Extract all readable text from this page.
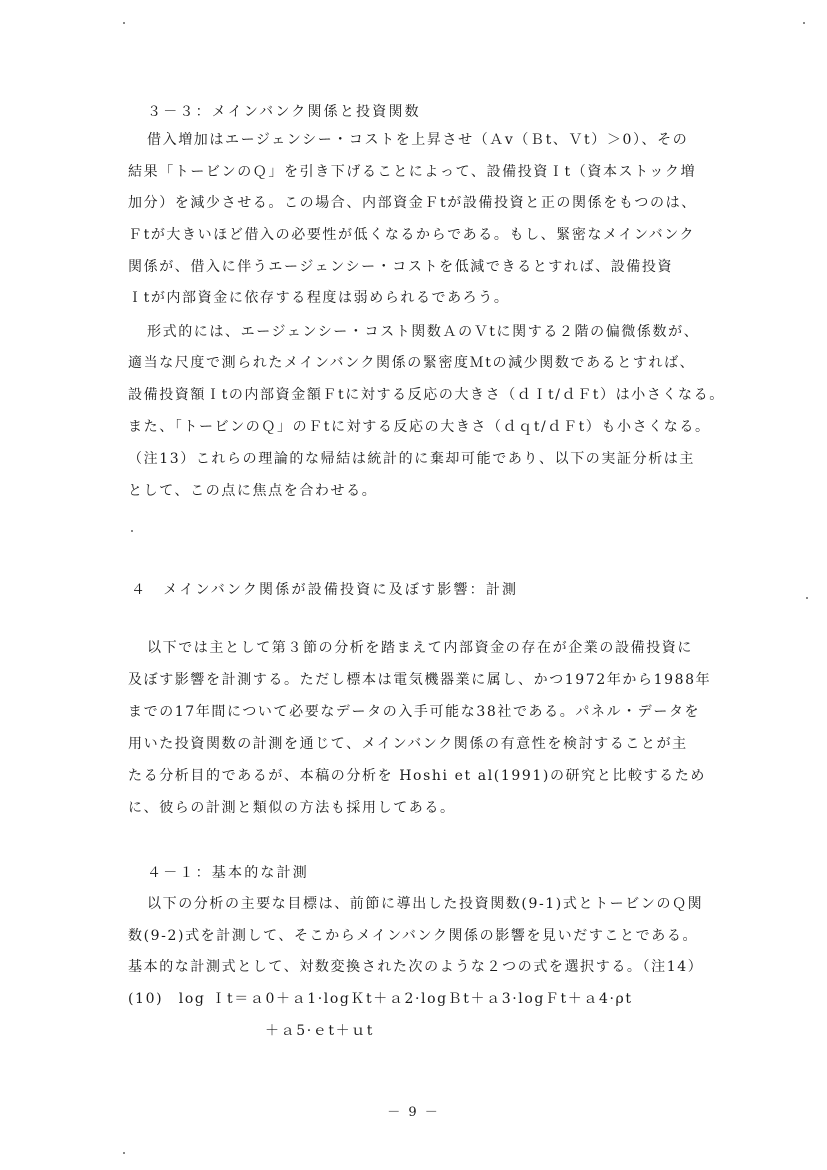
３－３：メインバンク関係と投資関数
借入増加はエージェンシー・コストを上昇させ（Ａv（Ｂt、Ｖt）＞0）、その
結果「トービンのＱ」を引き下げることによって、設備投資Ｉt（資本ストック増
加分）を減少させる。この場合、内部資金Ｆtが設備投資と正の関係をもつのは、
Ｆtが大きいほど借入の必要性が低くなるからである。もし、緊密なメインバンク
関係が、借入に伴うエージェンシー・コストを低減できるとすれば、設備投資
Ｉtが内部資金に依存する程度は弱められるであろう。
形式的には、エージェンシー・コスト関数ＡのＶtに関する２階の偏微係数が、
適当な尺度で測られたメインバンク関係の緊密度Ｍtの減少関数であるとすれば、
設備投資額Ｉtの内部資金額Ｆtに対する反応の大きさ（ｄＩt/ｄＦt）は小さくなる。
また、「トービンのＱ」のＦtに対する反応の大きさ（ｄｑt/ｄＦt）も小さくなる。
（注13）これらの理論的な帰結は統計的に棄却可能であり、以下の実証分析は主
として、この点に焦点を合わせる。
４　メインバンク関係が設備投資に及ぼす影響：計測
以下では主として第３節の分析を踏まえて内部資金の存在が企業の設備投資に
及ぼす影響を計測する。ただし標本は電気機器業に属し、かつ1972年から1988年
までの17年間について必要なデータの入手可能な38社である。パネル・データを
用いた投資関数の計測を通じて、メインバンク関係の有意性を検討することが主
たる分析目的であるが、本稿の分析を Hoshi et al(1991)の研究と比較するため
に、彼らの計測と類似の方法も採用してある。
４－１：基本的な計測
以下の分析の主要な目標は、前節に導出した投資関数(9-1)式とトービンのＱ関
数(9-2)式を計測して、そこからメインバンク関係の影響を見いだすことである。
基本的な計測式として、対数変換された次のような２つの式を選択する。（注14）
(10)　log Ｉt＝ａ0＋ａ1·logＫt＋ａ2·logＢt＋ａ3·logＦt＋ａ4·ρt
＋ａ5·ｅt＋ｕt
－ 9 －
